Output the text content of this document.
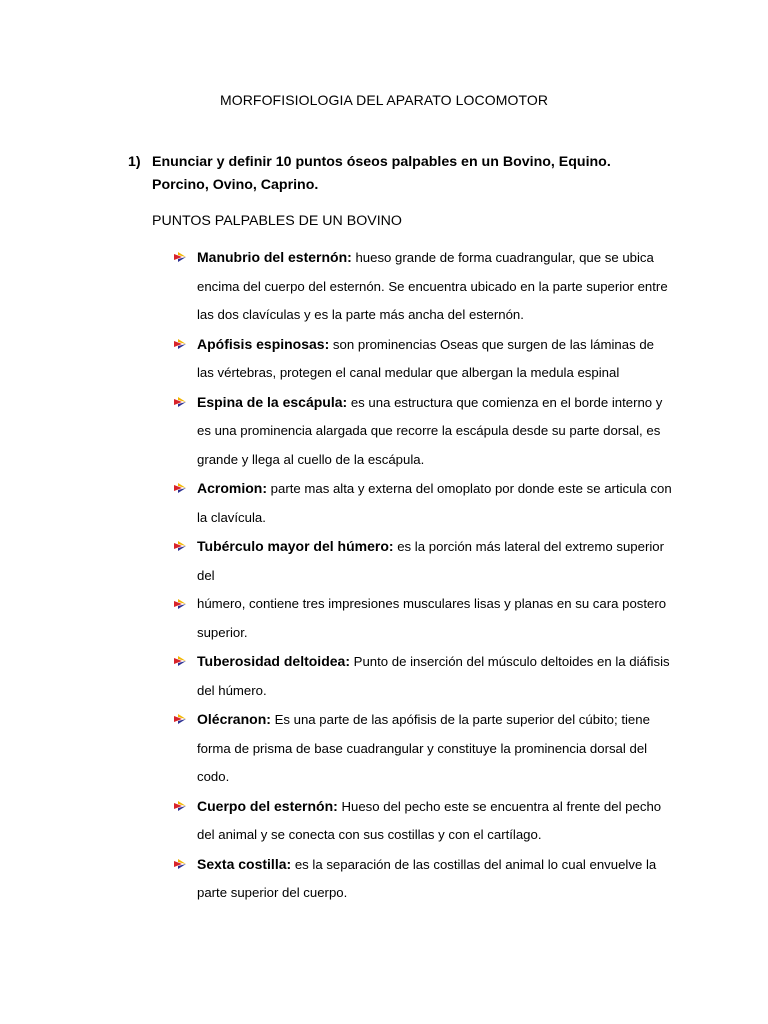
MORFOFISIOLOGIA DEL APARATO LOCOMOTOR
1) Enunciar y definir 10 puntos óseos palpables en un Bovino, Equino. Porcino, Ovino, Caprino.
PUNTOS PALPABLES DE UN BOVINO
Manubrio del esternón: hueso grande de forma cuadrangular, que se ubica encima del cuerpo del esternón. Se encuentra ubicado en la parte superior entre las dos clavículas y es la parte más ancha del esternón.
Apófisis espinosas: son prominencias Oseas que surgen de las láminas de las vértebras, protegen el canal medular que albergan la medula espinal
Espina de la escápula: es una estructura que comienza en el borde interno y es una prominencia alargada que recorre la escápula desde su parte dorsal, es grande y llega al cuello de la escápula.
Acromion: parte mas alta y externa del omoplato por donde este se articula con la clavícula.
Tubérculo mayor del húmero: es la porción más lateral del extremo superior del
húmero, contiene tres impresiones musculares lisas y planas en su cara postero superior.
Tuberosidad deltoidea: Punto de inserción del músculo deltoides en la diáfisis del húmero.
Olécranon: Es una parte de las apófisis de la parte superior del cúbito; tiene forma de prisma de base cuadrangular y constituye la prominencia dorsal del codo.
Cuerpo del esternón: Hueso del pecho este se encuentra al frente del pecho del animal y se conecta con sus costillas y con el cartílago.
Sexta costilla: es la separación de las costillas del animal lo cual envuelve la parte superior del cuerpo.
